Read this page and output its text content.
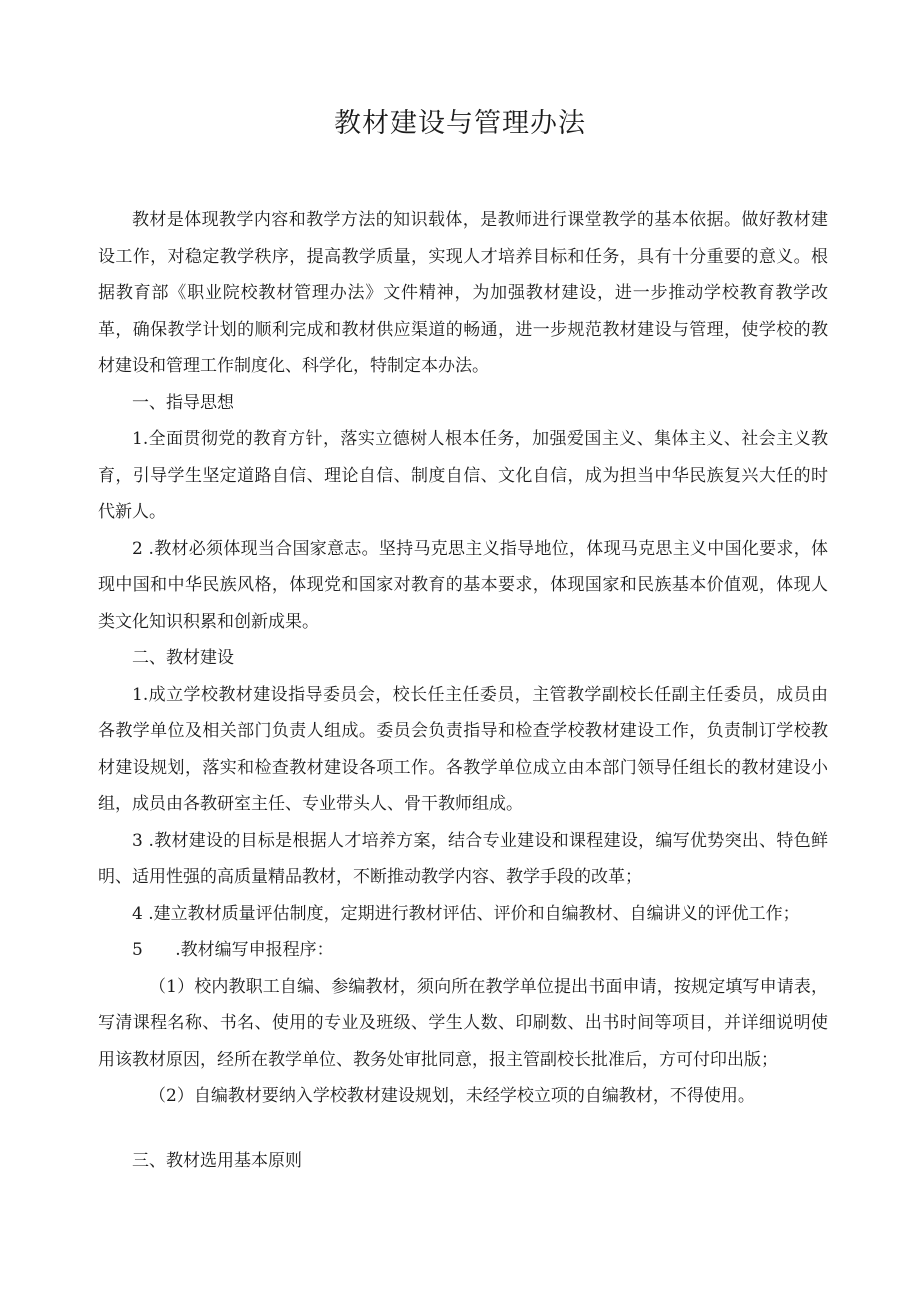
教材建设与管理办法

教材是体现教学内容和教学方法的知识载体，是教师进行课堂教学的基本依据。做好教材建设工作，对稳定教学秩序，提高教学质量，实现人才培养目标和任务，具有十分重要的意义。根据教育部《职业院校教材管理办法》文件精神，为加强教材建设，进一步推动学校教育教学改革，确保教学计划的顺利完成和教材供应渠道的畅通，进一步规范教材建设与管理，使学校的教材建设和管理工作制度化、科学化，特制定本办法。

一、指导思想

1.全面贯彻党的教育方针，落实立德树人根本任务，加强爱国主义、集体主义、社会主义教育，引导学生坚定道路自信、理论自信、制度自信、文化自信，成为担当中华民族复兴大任的时代新人。

2 .教材必须体现当合国家意志。坚持马克思主义指导地位，体现马克思主义中国化要求，体现中国和中华民族风格，体现党和国家对教育的基本要求，体现国家和民族基本价值观，体现人类文化知识积累和创新成果。

二、教材建设

1.成立学校教材建设指导委员会，校长任主任委员，主管教学副校长任副主任委员，成员由各教学单位及相关部门负责人组成。委员会负责指导和检查学校教材建设工作，负责制订学校教材建设规划，落实和检查教材建设各项工作。各教学单位成立由本部门领导任组长的教材建设小组，成员由各教研室主任、专业带头人、骨干教师组成。

3 .教材建设的目标是根据人才培养方案，结合专业建设和课程建设，编写优势突出、特色鲜明、适用性强的高质量精品教材，不断推动教学内容、教学手段的改革；

4 .建立教材质量评估制度，定期进行教材评估、评价和自编教材、自编讲义的评优工作；

5      .教材编写申报程序：

（1）校内教职工自编、参编教材，须向所在教学单位提出书面申请，按规定填写申请表，写清课程名称、书名、使用的专业及班级、学生人数、印刷数、出书时间等项目，并详细说明使用该教材原因，经所在教学单位、教务处审批同意，报主管副校长批准后，方可付印出版；

（2）自编教材要纳入学校教材建设规划，未经学校立项的自编教材，不得使用。

三、教材选用基本原则
